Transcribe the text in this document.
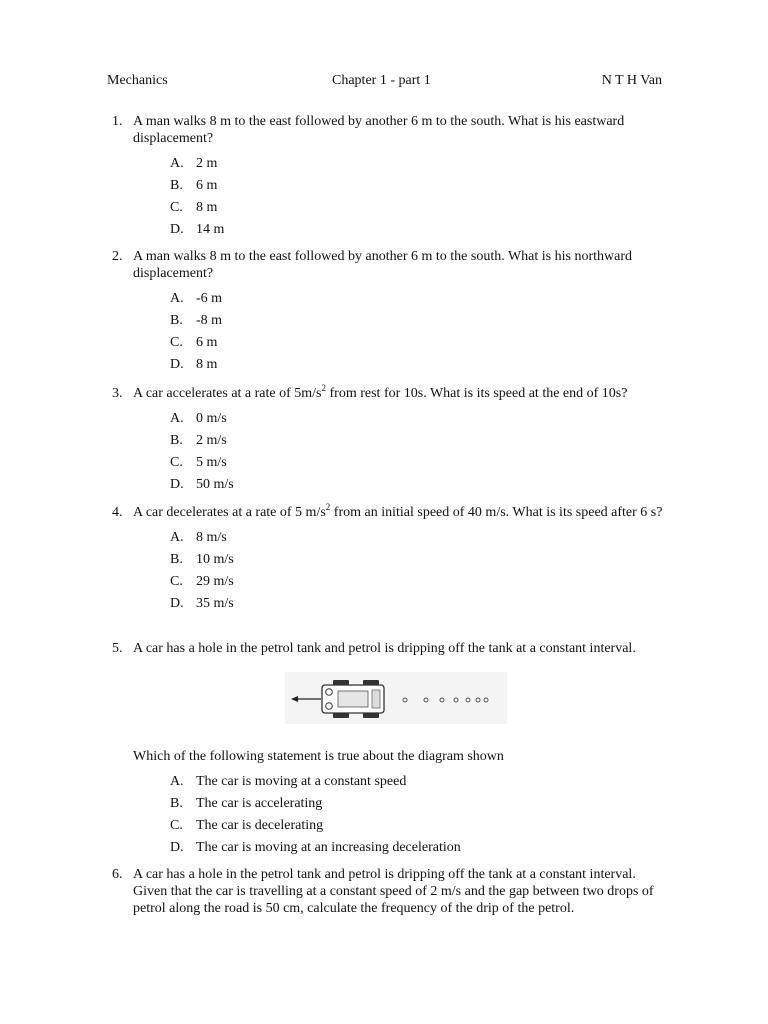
Mechanics	Chapter 1 - part 1	N T H Van
1. A man walks 8 m to the east followed by another 6 m to the south. What is his eastward displacement?
A. 2 m
B. 6 m
C. 8 m
D. 14 m
2. A man walks 8 m to the east followed by another 6 m to the south. What is his northward displacement?
A. -6 m
B. -8 m
C. 6 m
D. 8 m
3. A car accelerates at a rate of $5m/s^2$ from rest for 10s. What is its speed at the end of 10s?
A. 0 m/s
B. 2 m/s
C. 5 m/s
D. 50 m/s
4. A car decelerates at a rate of 5 $m/s^2$ from an initial speed of 40 m/s. What is its speed after 6 s?
A. 8 m/s
B. 10 m/s
C. 29 m/s
D. 35 m/s
5. A car has a hole in the petrol tank and petrol is dripping off the tank at a constant interval.
Which of the following statement is true about the diagram shown
A. The car is moving at a constant speed
B. The car is accelerating
C. The car is decelerating
D. The car is moving at an increasing deceleration
6. A car has a hole in the petrol tank and petrol is dripping off the tank at a constant interval. Given that the car is travelling at a constant speed of 2 m/s and the gap between two drops of petrol along the road is 50 cm, calculate the frequency of the drip of the petrol.
